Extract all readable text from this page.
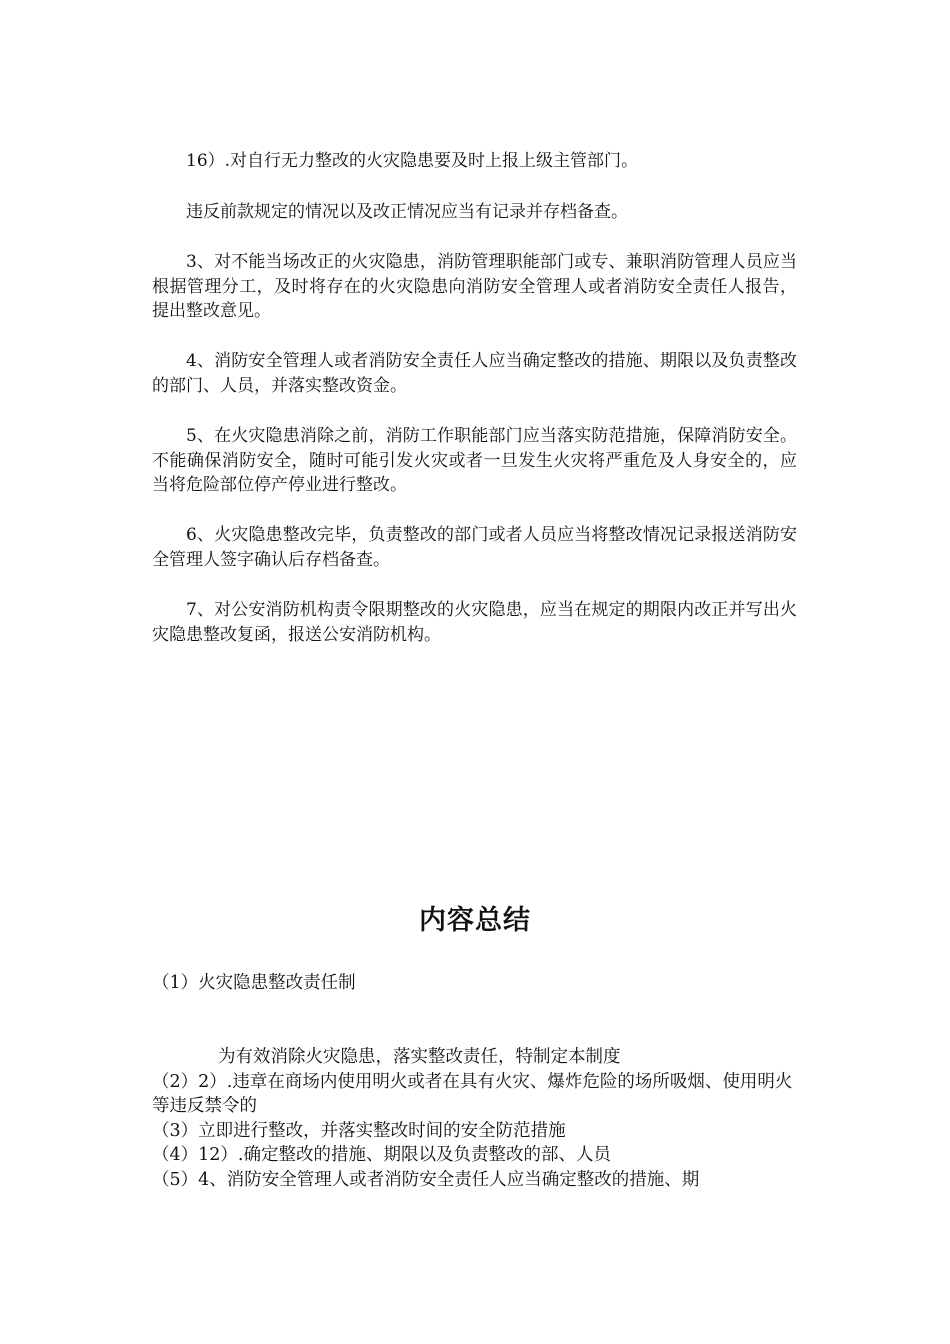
16）.对自行无力整改的火灾隐患要及时上报上级主管部门。

违反前款规定的情况以及改正情况应当有记录并存档备查。

3、对不能当场改正的火灾隐患，消防管理职能部门或专、兼职消防管理人员应当根据管理分工，及时将存在的火灾隐患向消防安全管理人或者消防安全责任人报告，提出整改意见。

4、消防安全管理人或者消防安全责任人应当确定整改的措施、期限以及负责整改的部门、人员，并落实整改资金。

5、在火灾隐患消除之前，消防工作职能部门应当落实防范措施，保障消防安全。不能确保消防安全，随时可能引发火灾或者一旦发生火灾将严重危及人身安全的，应当将危险部位停产停业进行整改。

6、火灾隐患整改完毕，负责整改的部门或者人员应当将整改情况记录报送消防安全管理人签字确认后存档备查。

7、对公安消防机构责令限期整改的火灾隐患，应当在规定的期限内改正并写出火灾隐患整改复函，报送公安消防机构。

内容总结

（1）火灾隐患整改责任制

为有效消除火灾隐患，落实整改责任，特制定本制度
（2）2）.违章在商场内使用明火或者在具有火灾、爆炸危险的场所吸烟、使用明火等违反禁令的
（3）立即进行整改，并落实整改时间的安全防范措施
（4）12）.确定整改的措施、期限以及负责整改的部、人员
（5）4、消防安全管理人或者消防安全责任人应当确定整改的措施、期
